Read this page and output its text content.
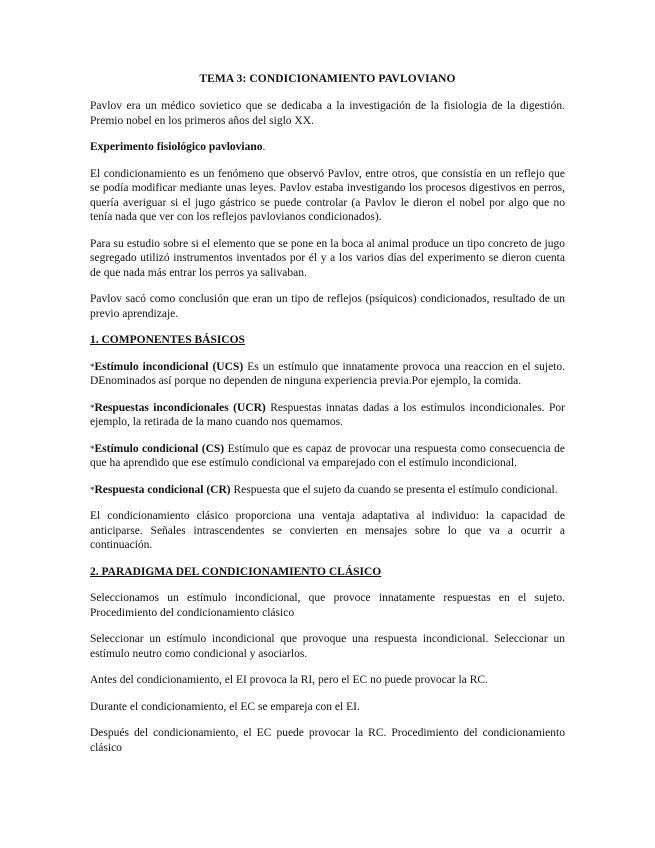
TEMA 3: CONDICIONAMIENTO PAVLOVIANO

Pavlov era un médico sovietico que se dedicaba a la investigación de la fisiologia de la digestión. Premio nobel en los primeros años del siglo XX.

Experimento fisiológico pavloviano.

El condicionamiento es un fenómeno que observó Pavlov, entre otros, que consistía en un reflejo que se podía modificar mediante unas leyes. Pavlov estaba investigando los procesos digestivos en perros, quería averiguar si el jugo gástrico se puede controlar (a Pavlov le dieron el nobel por algo que no tenía nada que ver con los reflejos pavlovianos condicionados).

Para su estudio sobre si el elemento que se pone en la boca al animal produce un tipo concreto de jugo segregado utilizó instrumentos inventados por él y a los varios días del experimento se dieron cuenta de que nada más entrar los perros ya salivaban.

Pavlov sacó como conclusión que eran un tipo de reflejos (psíquicos) condicionados, resultado de un previo aprendizaje.

1. COMPONENTES BÁSICOS

*Estímulo incondicional (UCS) Es un estímulo que innatamente provoca una reaccion en el sujeto. DEnominados así porque no dependen de ninguna experiencia previa.Por ejemplo, la comida.

*Respuestas incondicionales (UCR) Respuestas innatas dadas a los estímulos incondicionales. Por ejemplo, la retirada de la mano cuando nos quemamos.

*Estímulo condicional (CS) Estímulo que es capaz de provocar una respuesta como consecuencia de que ha aprendido que ese estímulo condicional va emparejado con el estímulo incondicional.

*Respuesta condicional (CR) Respuesta que el sujeto da cuando se presenta el estímulo condicional.

El condicionamiento clásico proporciona una ventaja adaptativa al individuo: la capacidad de anticiparse. Señales intrascendentes se convierten en mensajes sobre lo que va a ocurrir a continuación.

2. PARADIGMA DEL CONDICIONAMIENTO CLÁSICO

Seleccionamos un estímulo incondicional, que provoce innatamente respuestas en el sujeto. Procedimiento del condicionamiento clásico

Seleccionar un estímulo incondicional que provoque una respuesta incondicional. Seleccionar un estímulo neutro como condicional y asociarlos.

Antes del condicionamiento, el EI provoca la RI, pero el EC no puede provocar la RC.

Durante el condicionamiento, el EC se empareja con el EI.

Después del condicionamiento, el EC puede provocar la RC. Procedimiento del condicionamiento clásico
